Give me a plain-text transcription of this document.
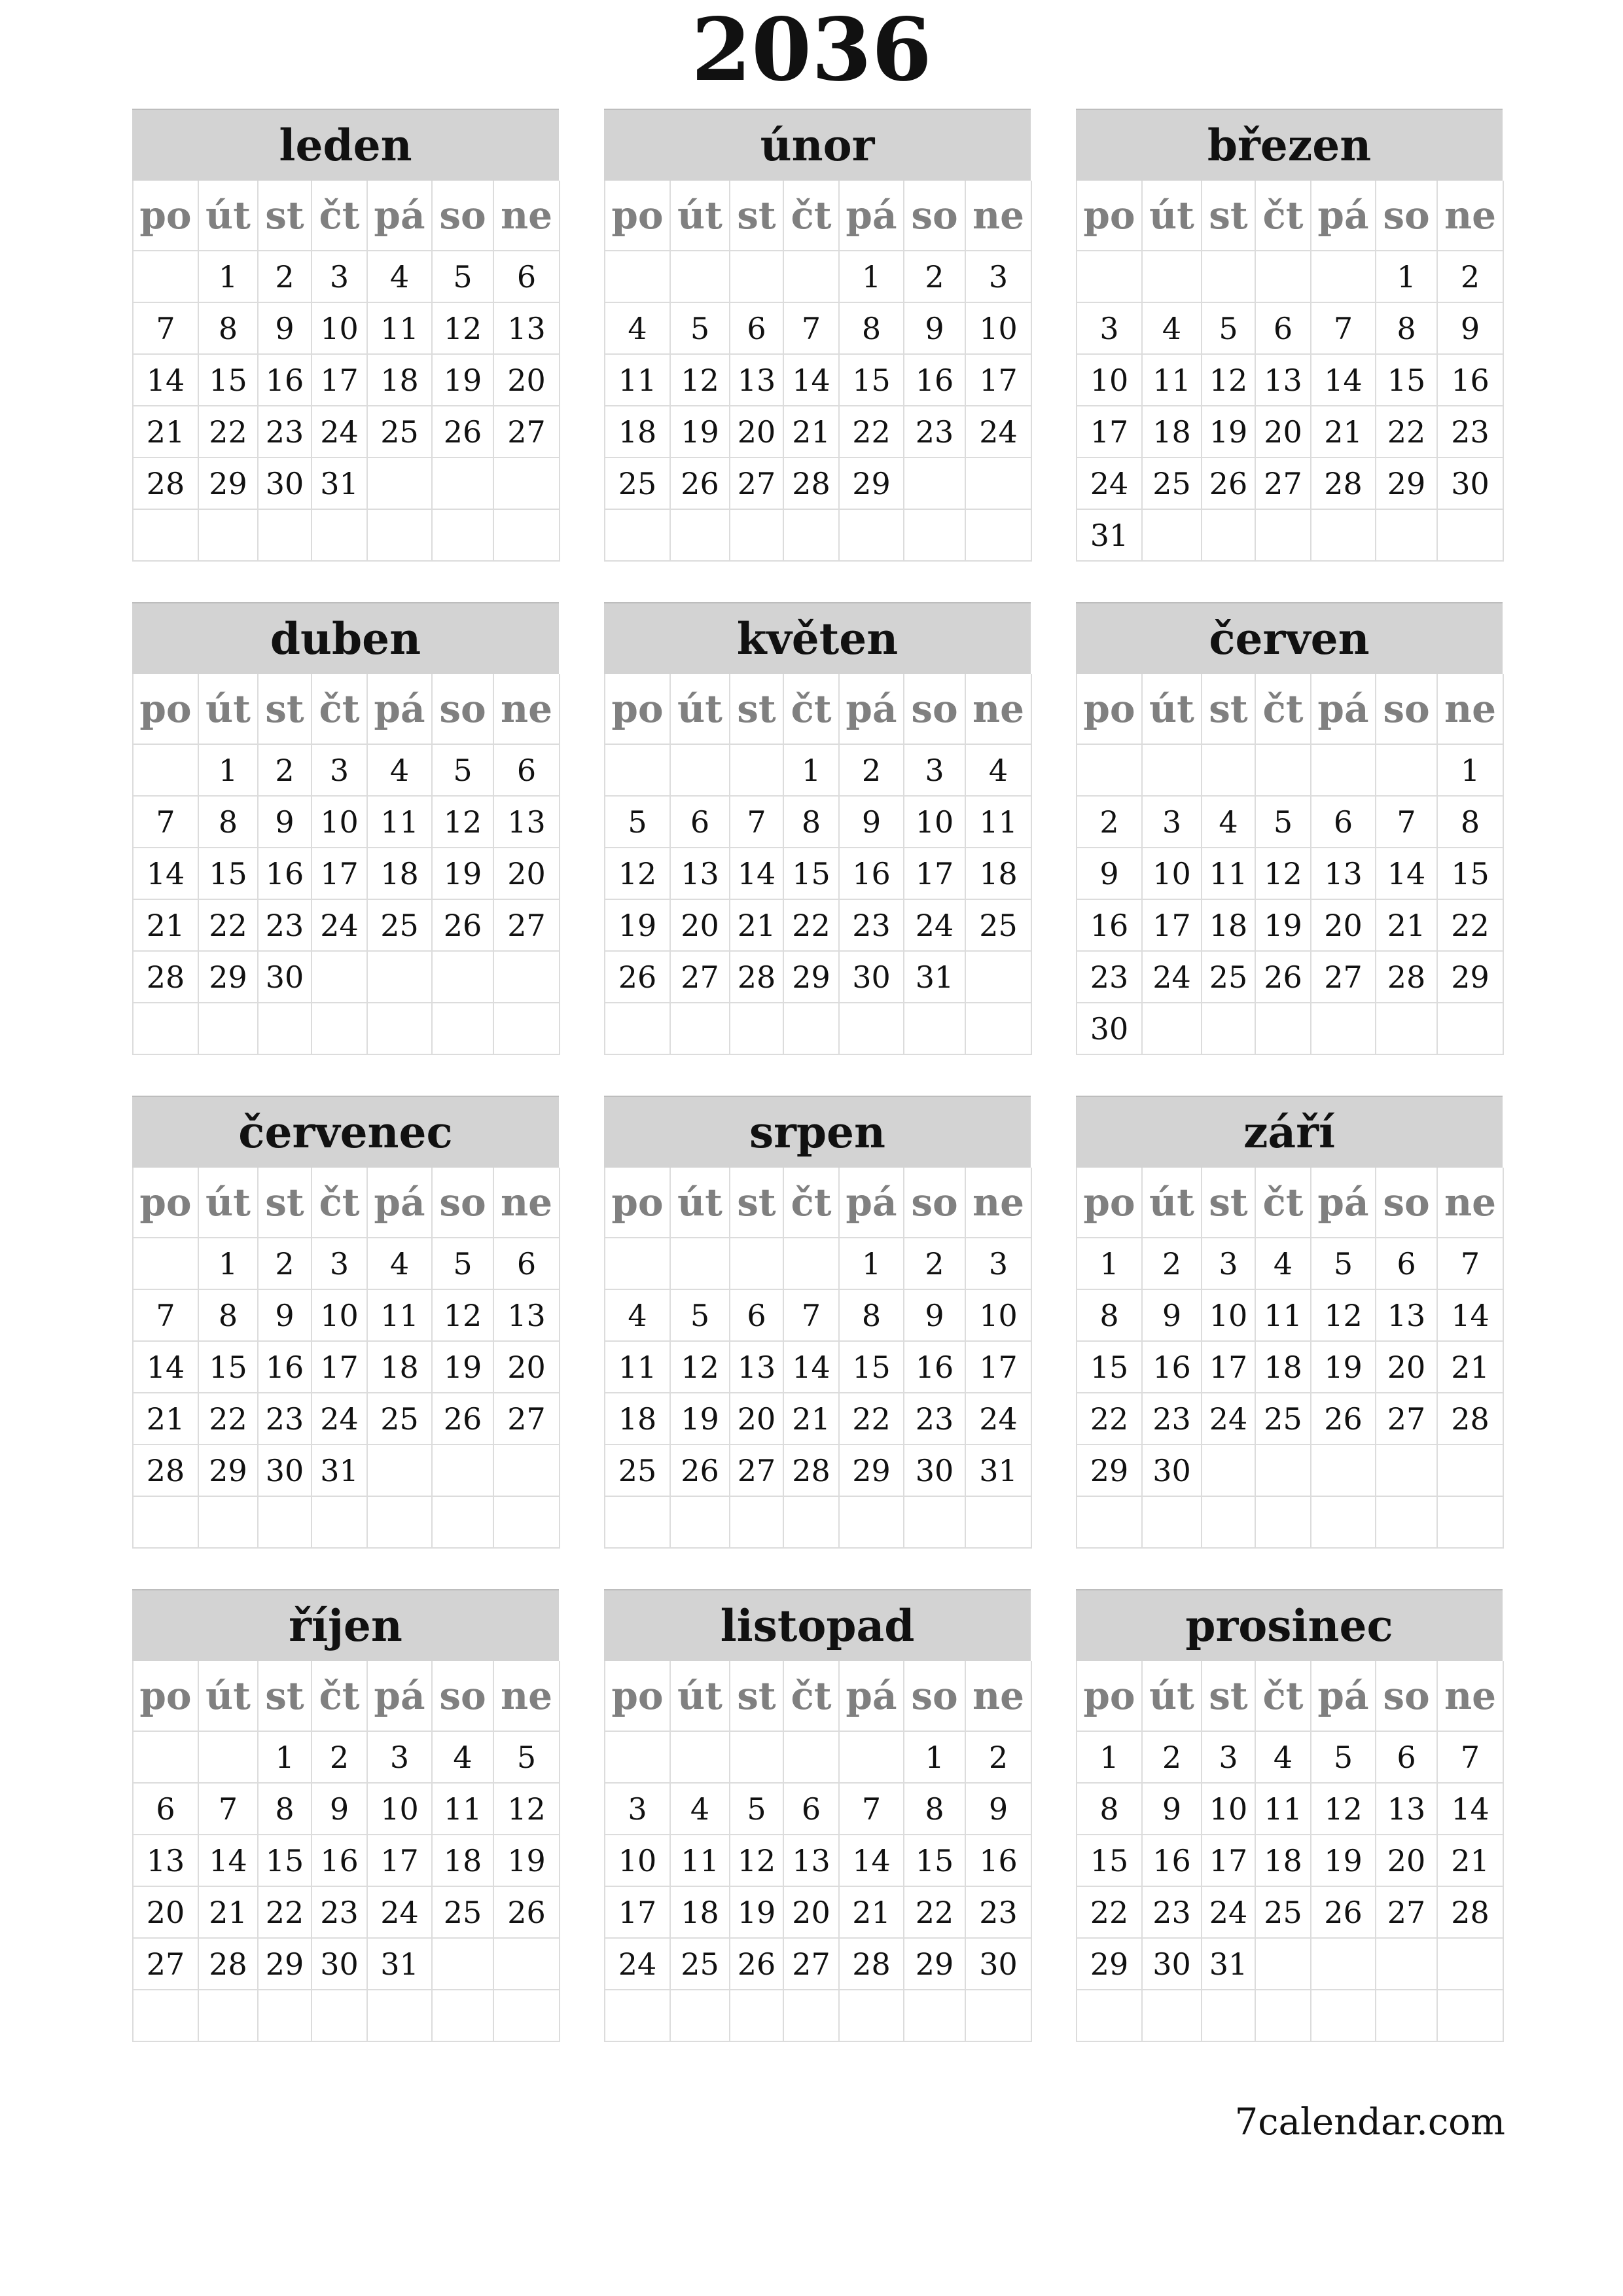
2036
leden
po	út	st	čt	pá	so	ne
	1	2	3	4	5	6
7	8	9	10	11	12	13
14	15	16	17	18	19	20
21	22	23	24	25	26	27
28	29	30	31			

únor
po	út	st	čt	pá	so	ne
				1	2	3
4	5	6	7	8	9	10
11	12	13	14	15	16	17
18	19	20	21	22	23	24
25	26	27	28	29		

březen
po	út	st	čt	pá	so	ne
					1	2
3	4	5	6	7	8	9
10	11	12	13	14	15	16
17	18	19	20	21	22	23
24	25	26	27	28	29	30
31						
duben
po	út	st	čt	pá	so	ne
	1	2	3	4	5	6
7	8	9	10	11	12	13
14	15	16	17	18	19	20
21	22	23	24	25	26	27
28	29	30				

květen
po	út	st	čt	pá	so	ne
			1	2	3	4
5	6	7	8	9	10	11
12	13	14	15	16	17	18
19	20	21	22	23	24	25
26	27	28	29	30	31	

červen
po	út	st	čt	pá	so	ne
						1
2	3	4	5	6	7	8
9	10	11	12	13	14	15
16	17	18	19	20	21	22
23	24	25	26	27	28	29
30						
červenec
po	út	st	čt	pá	so	ne
	1	2	3	4	5	6
7	8	9	10	11	12	13
14	15	16	17	18	19	20
21	22	23	24	25	26	27
28	29	30	31			

srpen
po	út	st	čt	pá	so	ne
				1	2	3
4	5	6	7	8	9	10
11	12	13	14	15	16	17
18	19	20	21	22	23	24
25	26	27	28	29	30	31

září
po	út	st	čt	pá	so	ne
1	2	3	4	5	6	7
8	9	10	11	12	13	14
15	16	17	18	19	20	21
22	23	24	25	26	27	28
29	30					

říjen
po	út	st	čt	pá	so	ne
		1	2	3	4	5
6	7	8	9	10	11	12
13	14	15	16	17	18	19
20	21	22	23	24	25	26
27	28	29	30	31		

listopad
po	út	st	čt	pá	so	ne
					1	2
3	4	5	6	7	8	9
10	11	12	13	14	15	16
17	18	19	20	21	22	23
24	25	26	27	28	29	30

prosinec
po	út	st	čt	pá	so	ne
1	2	3	4	5	6	7
8	9	10	11	12	13	14
15	16	17	18	19	20	21
22	23	24	25	26	27	28
29	30	31				

7calendar.com
